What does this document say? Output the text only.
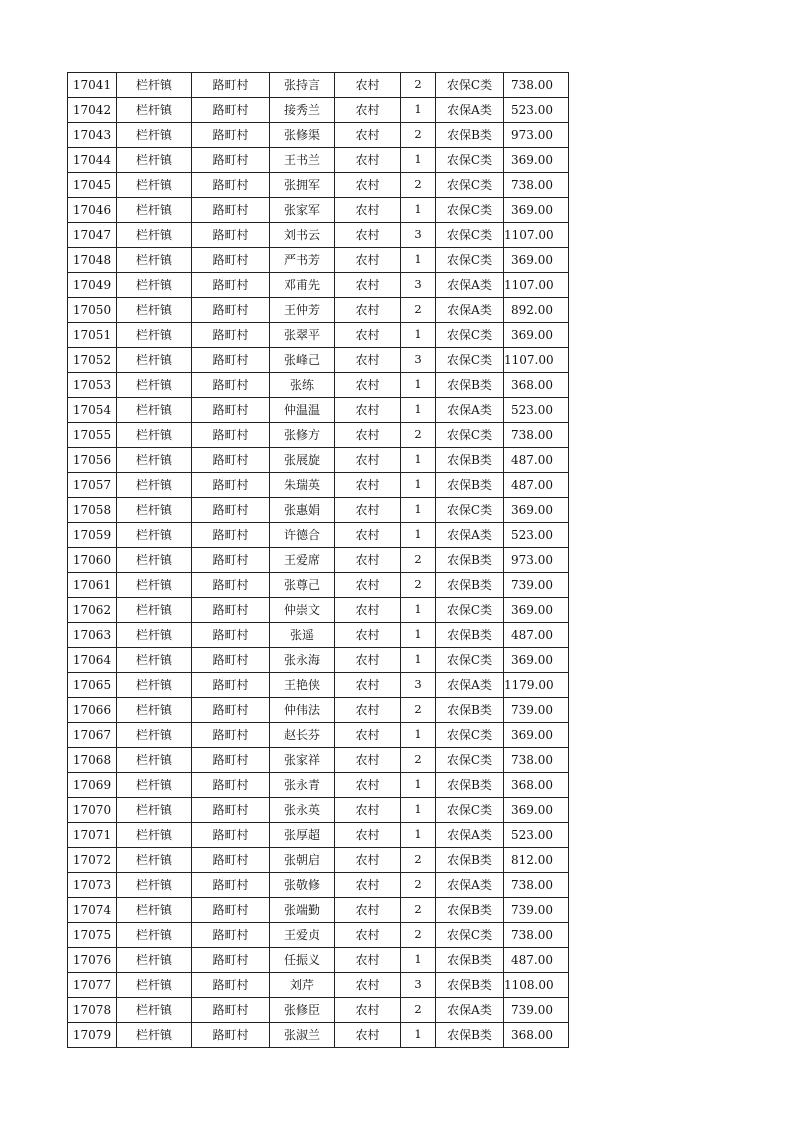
17041	栏杆镇	路町村	张持言	农村	2	农保C类	738.00
17042	栏杆镇	路町村	接秀兰	农村	1	农保A类	523.00
17043	栏杆镇	路町村	张修渠	农村	2	农保B类	973.00
17044	栏杆镇	路町村	王书兰	农村	1	农保C类	369.00
17045	栏杆镇	路町村	张拥军	农村	2	农保C类	738.00
17046	栏杆镇	路町村	张家军	农村	1	农保C类	369.00
17047	栏杆镇	路町村	刘书云	农村	3	农保C类	1107.00
17048	栏杆镇	路町村	严书芳	农村	1	农保C类	369.00
17049	栏杆镇	路町村	邓甫先	农村	3	农保A类	1107.00
17050	栏杆镇	路町村	王仲芳	农村	2	农保A类	892.00
17051	栏杆镇	路町村	张翠平	农村	1	农保C类	369.00
17052	栏杆镇	路町村	张峰己	农村	3	农保C类	1107.00
17053	栏杆镇	路町村	张练	农村	1	农保B类	368.00
17054	栏杆镇	路町村	仲温温	农村	1	农保A类	523.00
17055	栏杆镇	路町村	张修方	农村	2	农保C类	738.00
17056	栏杆镇	路町村	张展旋	农村	1	农保B类	487.00
17057	栏杆镇	路町村	朱瑞英	农村	1	农保B类	487.00
17058	栏杆镇	路町村	张惠娟	农村	1	农保C类	369.00
17059	栏杆镇	路町村	许德合	农村	1	农保A类	523.00
17060	栏杆镇	路町村	王爱席	农村	2	农保B类	973.00
17061	栏杆镇	路町村	张尊己	农村	2	农保B类	739.00
17062	栏杆镇	路町村	仲崇文	农村	1	农保C类	369.00
17063	栏杆镇	路町村	张遥	农村	1	农保B类	487.00
17064	栏杆镇	路町村	张永海	农村	1	农保C类	369.00
17065	栏杆镇	路町村	王艳侠	农村	3	农保A类	1179.00
17066	栏杆镇	路町村	仲伟法	农村	2	农保B类	739.00
17067	栏杆镇	路町村	赵长芬	农村	1	农保C类	369.00
17068	栏杆镇	路町村	张家祥	农村	2	农保C类	738.00
17069	栏杆镇	路町村	张永青	农村	1	农保B类	368.00
17070	栏杆镇	路町村	张永英	农村	1	农保C类	369.00
17071	栏杆镇	路町村	张厚超	农村	1	农保A类	523.00
17072	栏杆镇	路町村	张朝启	农村	2	农保B类	812.00
17073	栏杆镇	路町村	张敬修	农村	2	农保A类	738.00
17074	栏杆镇	路町村	张端勤	农村	2	农保B类	739.00
17075	栏杆镇	路町村	王爱贞	农村	2	农保C类	738.00
17076	栏杆镇	路町村	任振义	农村	1	农保B类	487.00
17077	栏杆镇	路町村	刘芹	农村	3	农保B类	1108.00
17078	栏杆镇	路町村	张修臣	农村	2	农保A类	739.00
17079	栏杆镇	路町村	张淑兰	农村	1	农保B类	368.00
